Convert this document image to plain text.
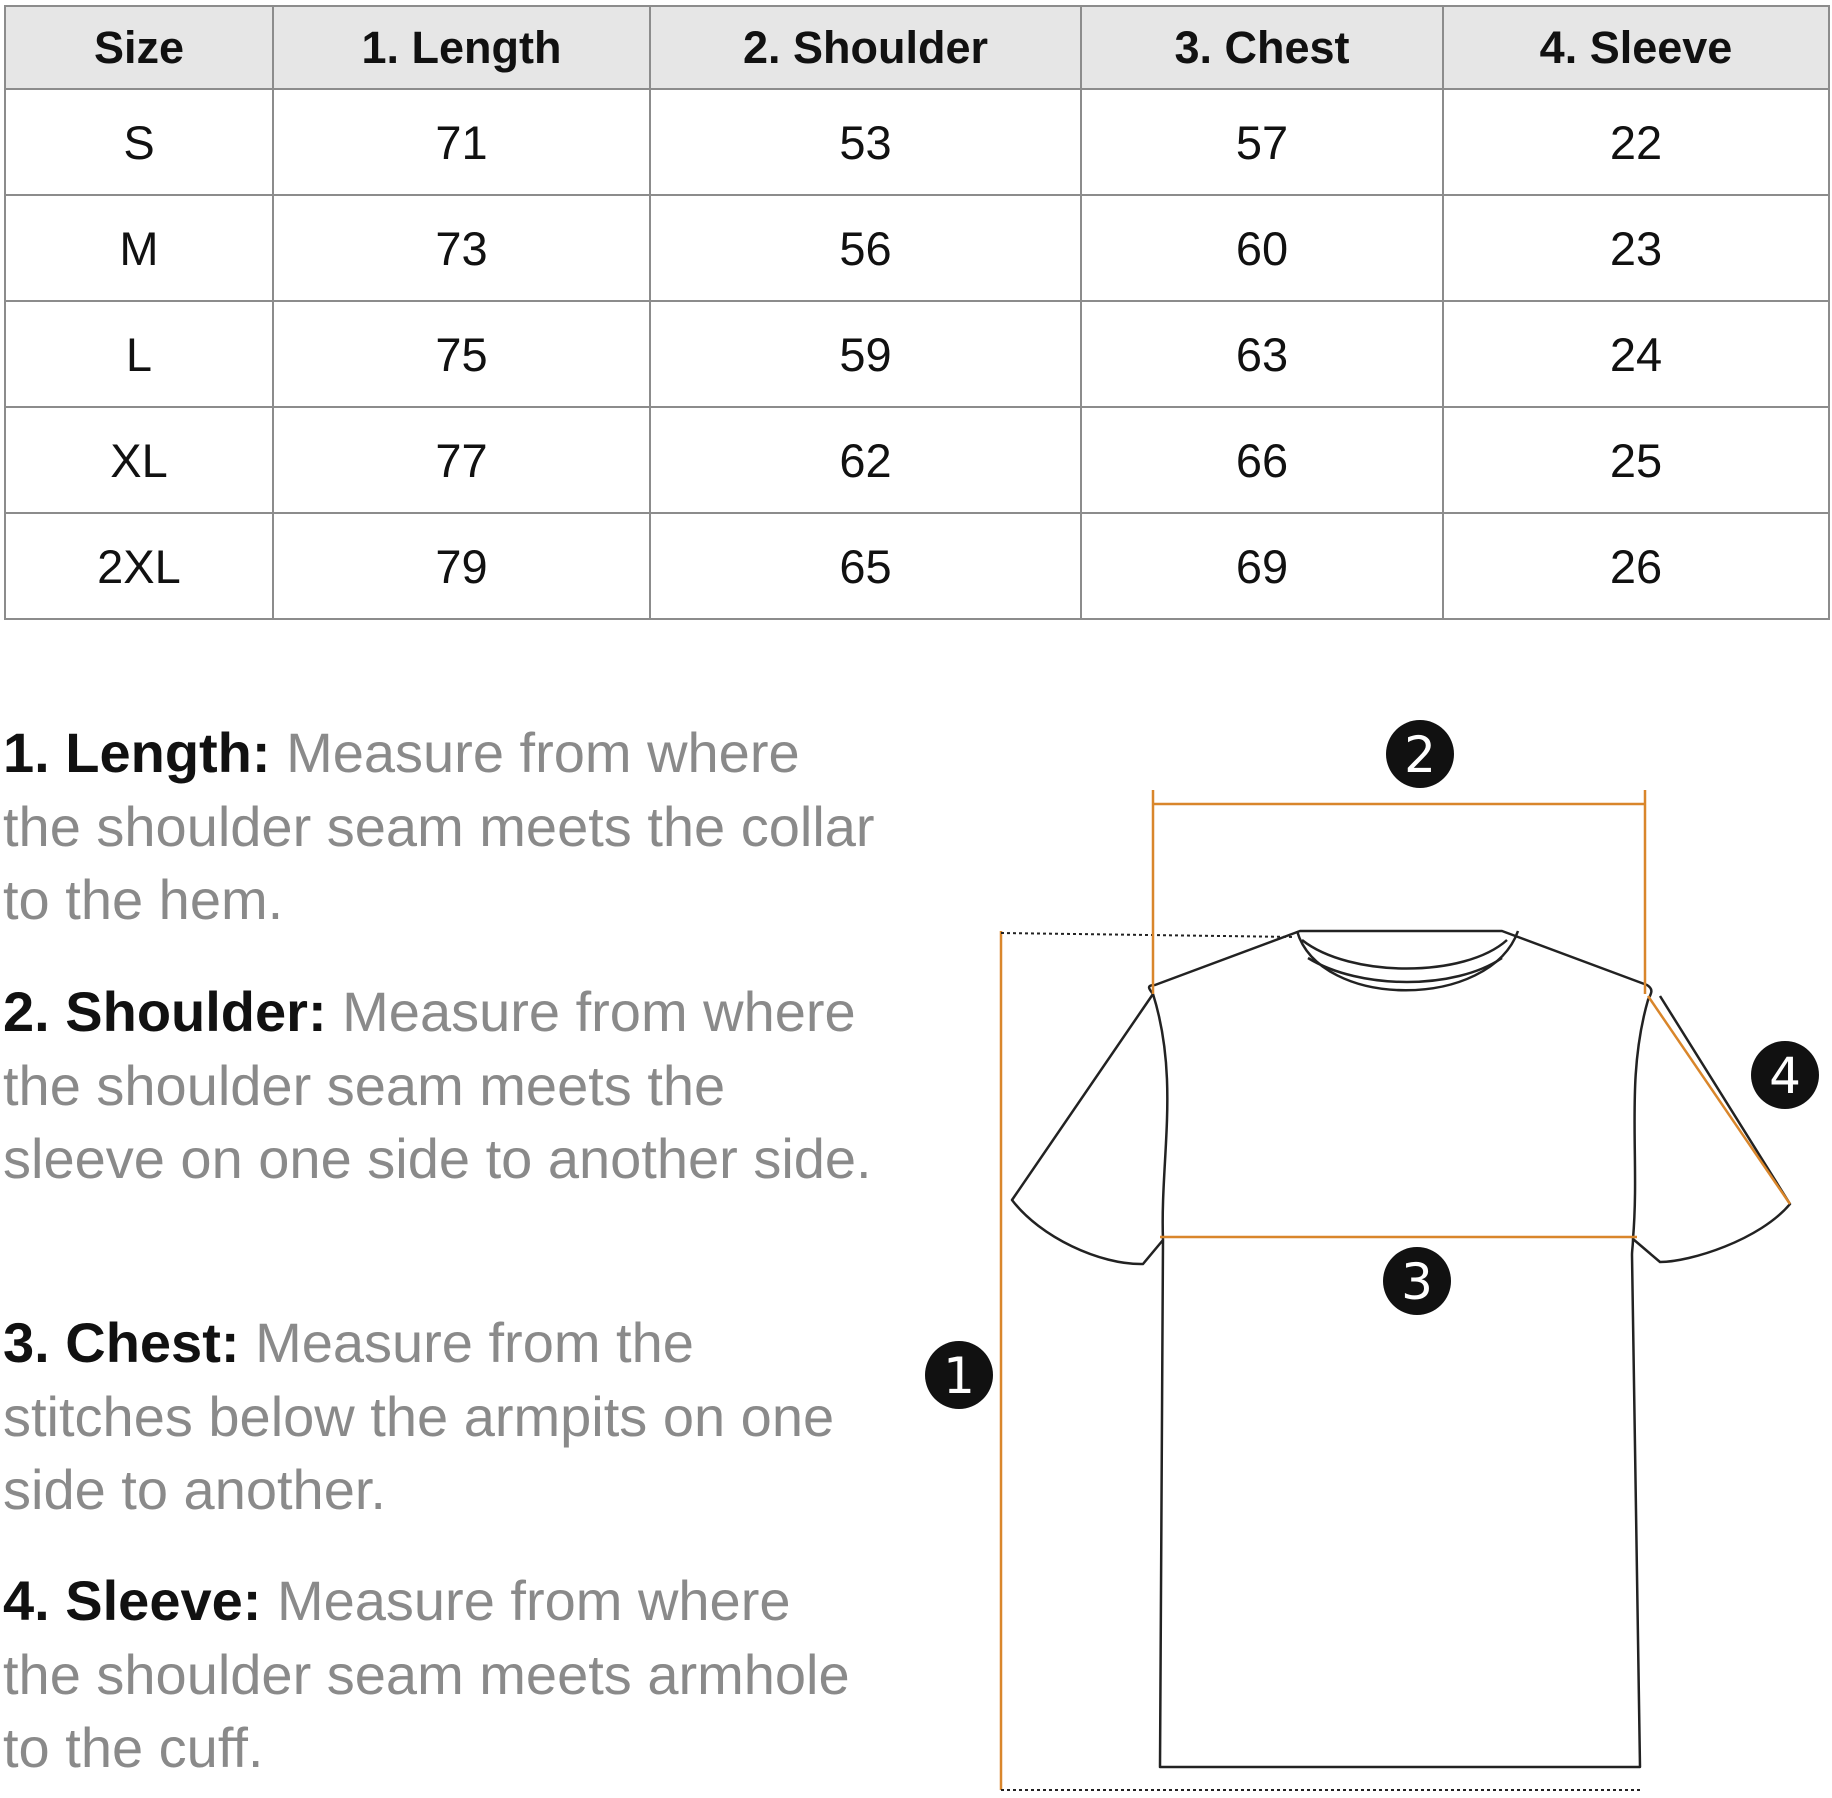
Size	1. Length	2. Shoulder	3. Chest	4. Sleeve
S	71	53	57	22
M	73	56	60	23
L	75	59	63	24
XL	77	62	66	25
2XL	79	65	69	26

1. Length: Measure from where the shoulder seam meets the collar to the hem.

2. Shoulder: Measure from where the shoulder seam meets the sleeve on one side to another side.

3. Chest: Measure from the stitches below the armpits on one side to another.

4. Sleeve: Measure from where the shoulder seam meets armhole to the cuff.

1
2
3
4
